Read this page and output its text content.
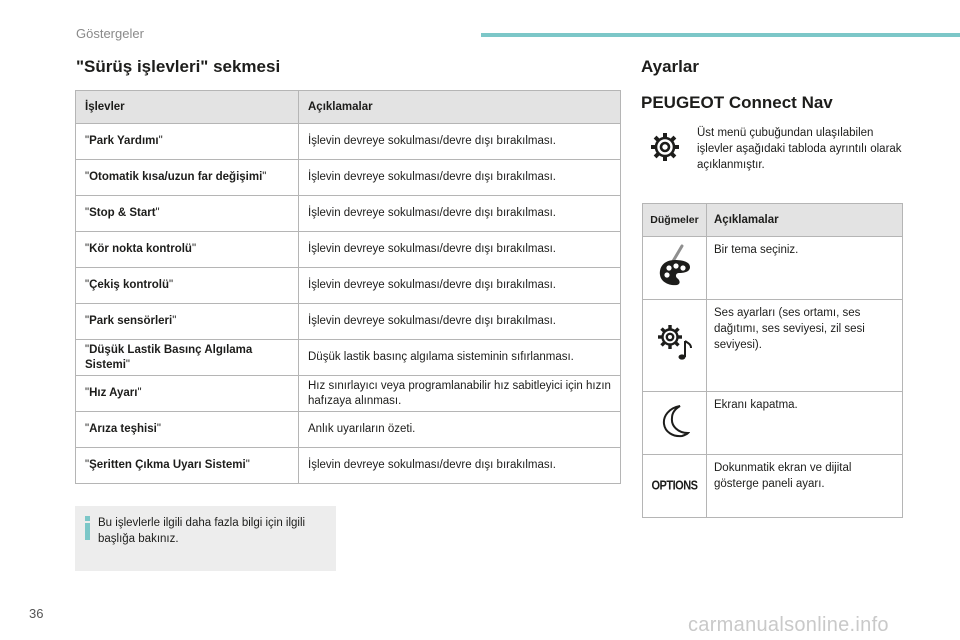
Göstergeler
"Sürüş işlevleri" sekmesi
İşlevler	Açıklamalar
"Park Yardımı"	İşlevin devreye sokulması/devre dışı bırakılması.
"Otomatik kısa/uzun far değişimi"	İşlevin devreye sokulması/devre dışı bırakılması.
"Stop & Start"	İşlevin devreye sokulması/devre dışı bırakılması.
"Kör nokta kontrolü"	İşlevin devreye sokulması/devre dışı bırakılması.
"Çekiş kontrolü"	İşlevin devreye sokulması/devre dışı bırakılması.
"Park sensörleri"	İşlevin devreye sokulması/devre dışı bırakılması.
"Düşük Lastik Basınç Algılama Sistemi"	Düşük lastik basınç algılama sisteminin sıfırlanması.
"Hız Ayarı"	Hız sınırlayıcı veya programlanabilir hız sabitleyici için hızın hafızaya alınması.
"Arıza teşhisi"	Anlık uyarıların özeti.
"Şeritten Çıkma Uyarı Sistemi"	İşlevin devreye sokulması/devre dışı bırakılması.
Bu işlevlerle ilgili daha fazla bilgi için ilgili başlığa bakınız.
Ayarlar
PEUGEOT Connect Nav
Üst menü çubuğundan ulaşılabilen işlevler aşağıdaki tabloda ayrıntılı olarak açıklanmıştır.
Düğmeler	Açıklamalar
	Bir tema seçiniz.
	Ses ayarları (ses ortamı, ses dağıtımı, ses seviyesi, zil sesi seviyesi).
	Ekranı kapatma.
OPTIONS	Dokunmatik ekran ve dijital gösterge paneli ayarı.
36
carmanualsonline.info
